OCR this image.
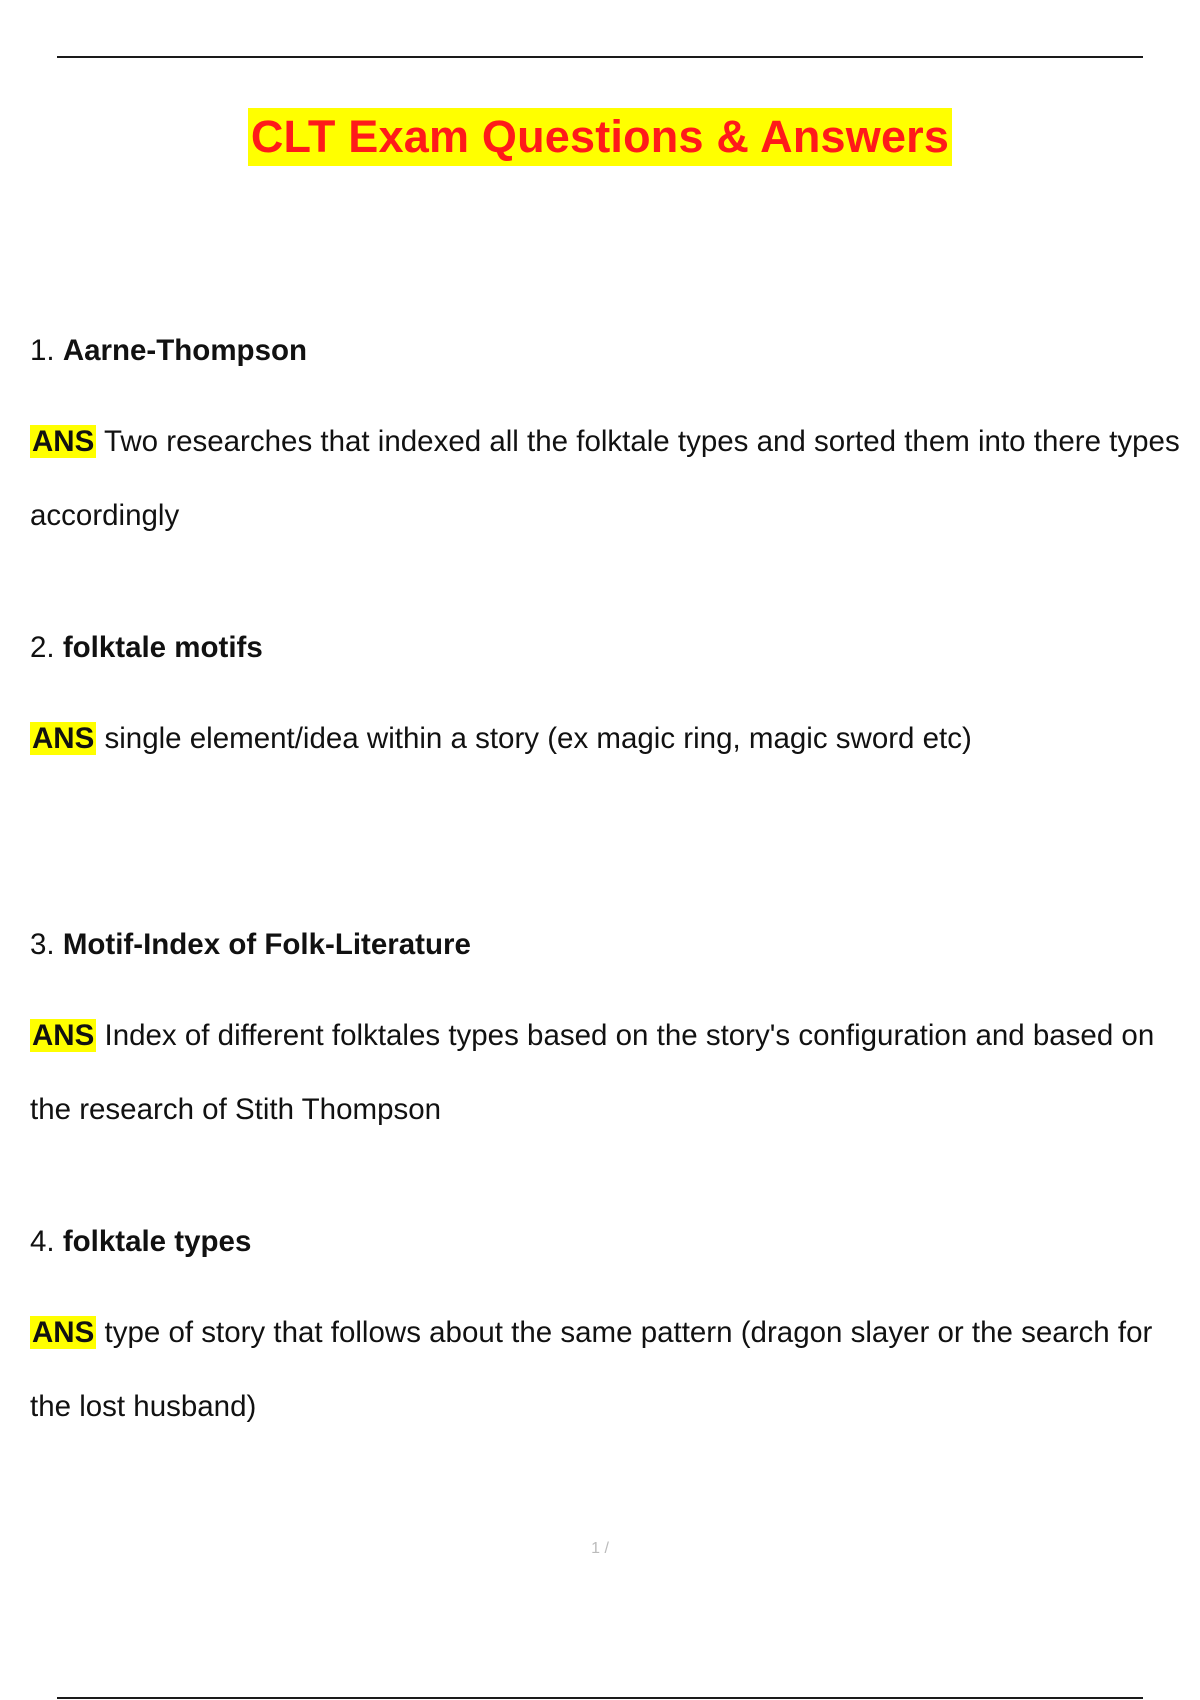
CLT Exam Questions & Answers
1. Aarne-Thompson
ANS Two researches that indexed all the folktale types and sorted them into there types accordingly
2. folktale motifs
ANS single element/idea within a story (ex magic ring, magic sword etc)
3. Motif-Index of Folk-Literature
ANS Index of different folktales types based on the story's configuration and based on the research of Stith Thompson
4. folktale types
ANS type of story that follows about the same pattern (dragon slayer or the search for the lost husband)
1 /
